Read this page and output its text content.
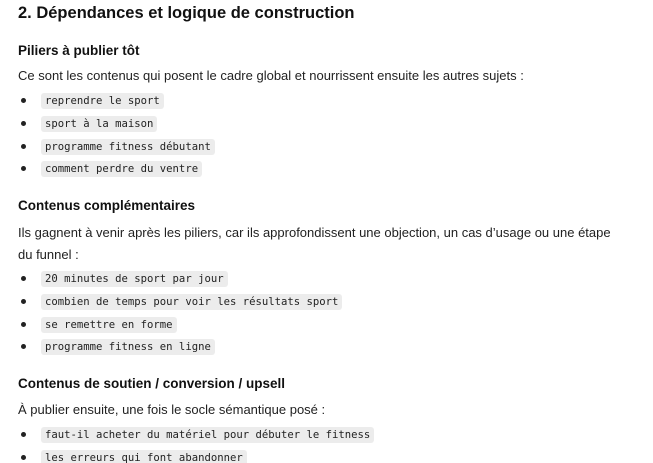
2. Dépendances et logique de construction
Piliers à publier tôt

Ce sont les contenus qui posent le cadre global et nourrissent ensuite les autres sujets :

reprendre le sport
sport à la maison
programme fitness débutant
comment perdre du ventre
Contenus complémentaires

Ils gagnent à venir après les piliers, car ils approfondissent une objection, un cas d’usage ou une étape du funnel :

20 minutes de sport par jour
combien de temps pour voir les résultats sport
se remettre en forme
programme fitness en ligne
Contenus de soutien / conversion / upsell

À publier ensuite, une fois le socle sémantique posé :

faut-il acheter du matériel pour débuter le fitness
les erreurs qui font abandonner
